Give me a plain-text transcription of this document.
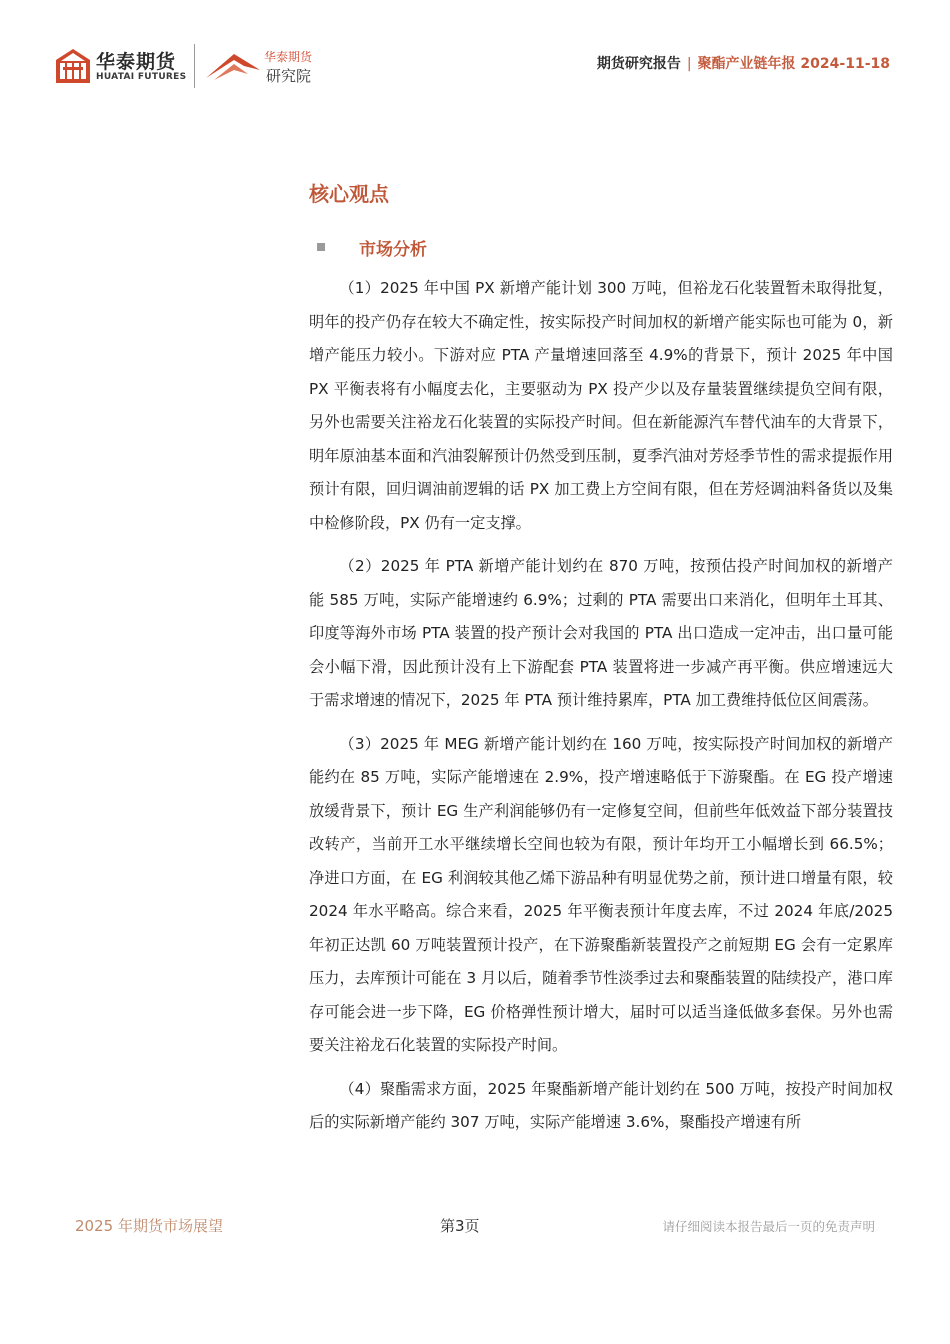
华泰期货
HUATAI FUTURES
华泰期货
研究院
期货研究报告 | 聚酯产业链年报 2024-11-18
核心观点
市场分析

（1）2025 年中国 PX 新增产能计划 300 万吨，但裕龙石化装置暂未取得批复，明年的投产仍存在较大不确定性，按实际投产时间加权的新增产能实际也可能为 0，新增产能压力较小。下游对应 PTA 产量增速回落至 4.9%的背景下，预计 2025 年中国 PX 平衡表将有小幅度去化，主要驱动为 PX 投产少以及存量装置继续提负空间有限，另外也需要关注裕龙石化装置的实际投产时间。但在新能源汽车替代油车的大背景下，明年原油基本面和汽油裂解预计仍然受到压制，夏季汽油对芳烃季节性的需求提振作用预计有限，回归调油前逻辑的话 PX 加工费上方空间有限，但在芳烃调油料备货以及集中检修阶段，PX 仍有一定支撑。

（2）2025 年 PTA 新增产能计划约在 870 万吨，按预估投产时间加权的新增产能 585 万吨，实际产能增速约 6.9%；过剩的 PTA 需要出口来消化，但明年土耳其、印度等海外市场 PTA 装置的投产预计会对我国的 PTA 出口造成一定冲击，出口量可能会小幅下滑，因此预计没有上下游配套 PTA 装置将进一步减产再平衡。供应增速远大于需求增速的情况下，2025 年 PTA 预计维持累库，PTA 加工费维持低位区间震荡。

（3）2025 年 MEG 新增产能计划约在 160 万吨，按实际投产时间加权的新增产能约在 85 万吨，实际产能增速在 2.9%，投产增速略低于下游聚酯。在 EG 投产增速放缓背景下，预计 EG 生产利润能够仍有一定修复空间，但前些年低效益下部分装置技改转产，当前开工水平继续增长空间也较为有限，预计年均开工小幅增长到 66.5%；净进口方面，在 EG 利润较其他乙烯下游品种有明显优势之前，预计进口增量有限，较 2024 年水平略高。综合来看，2025 年平衡表预计年度去库，不过 2024 年底/2025 年初正达凯 60 万吨装置预计投产，在下游聚酯新装置投产之前短期 EG 会有一定累库压力，去库预计可能在 3 月以后，随着季节性淡季过去和聚酯装置的陆续投产，港口库存可能会进一步下降，EG 价格弹性预计增大，届时可以适当逢低做多套保。另外也需要关注裕龙石化装置的实际投产时间。

（4）聚酯需求方面，2025 年聚酯新增产能计划约在 500 万吨，按投产时间加权后的实际新增产能约 307 万吨，实际产能增速 3.6%，聚酯投产增速有所

2025 年期货市场展望	第3页	请仔细阅读本报告最后一页的免责声明
